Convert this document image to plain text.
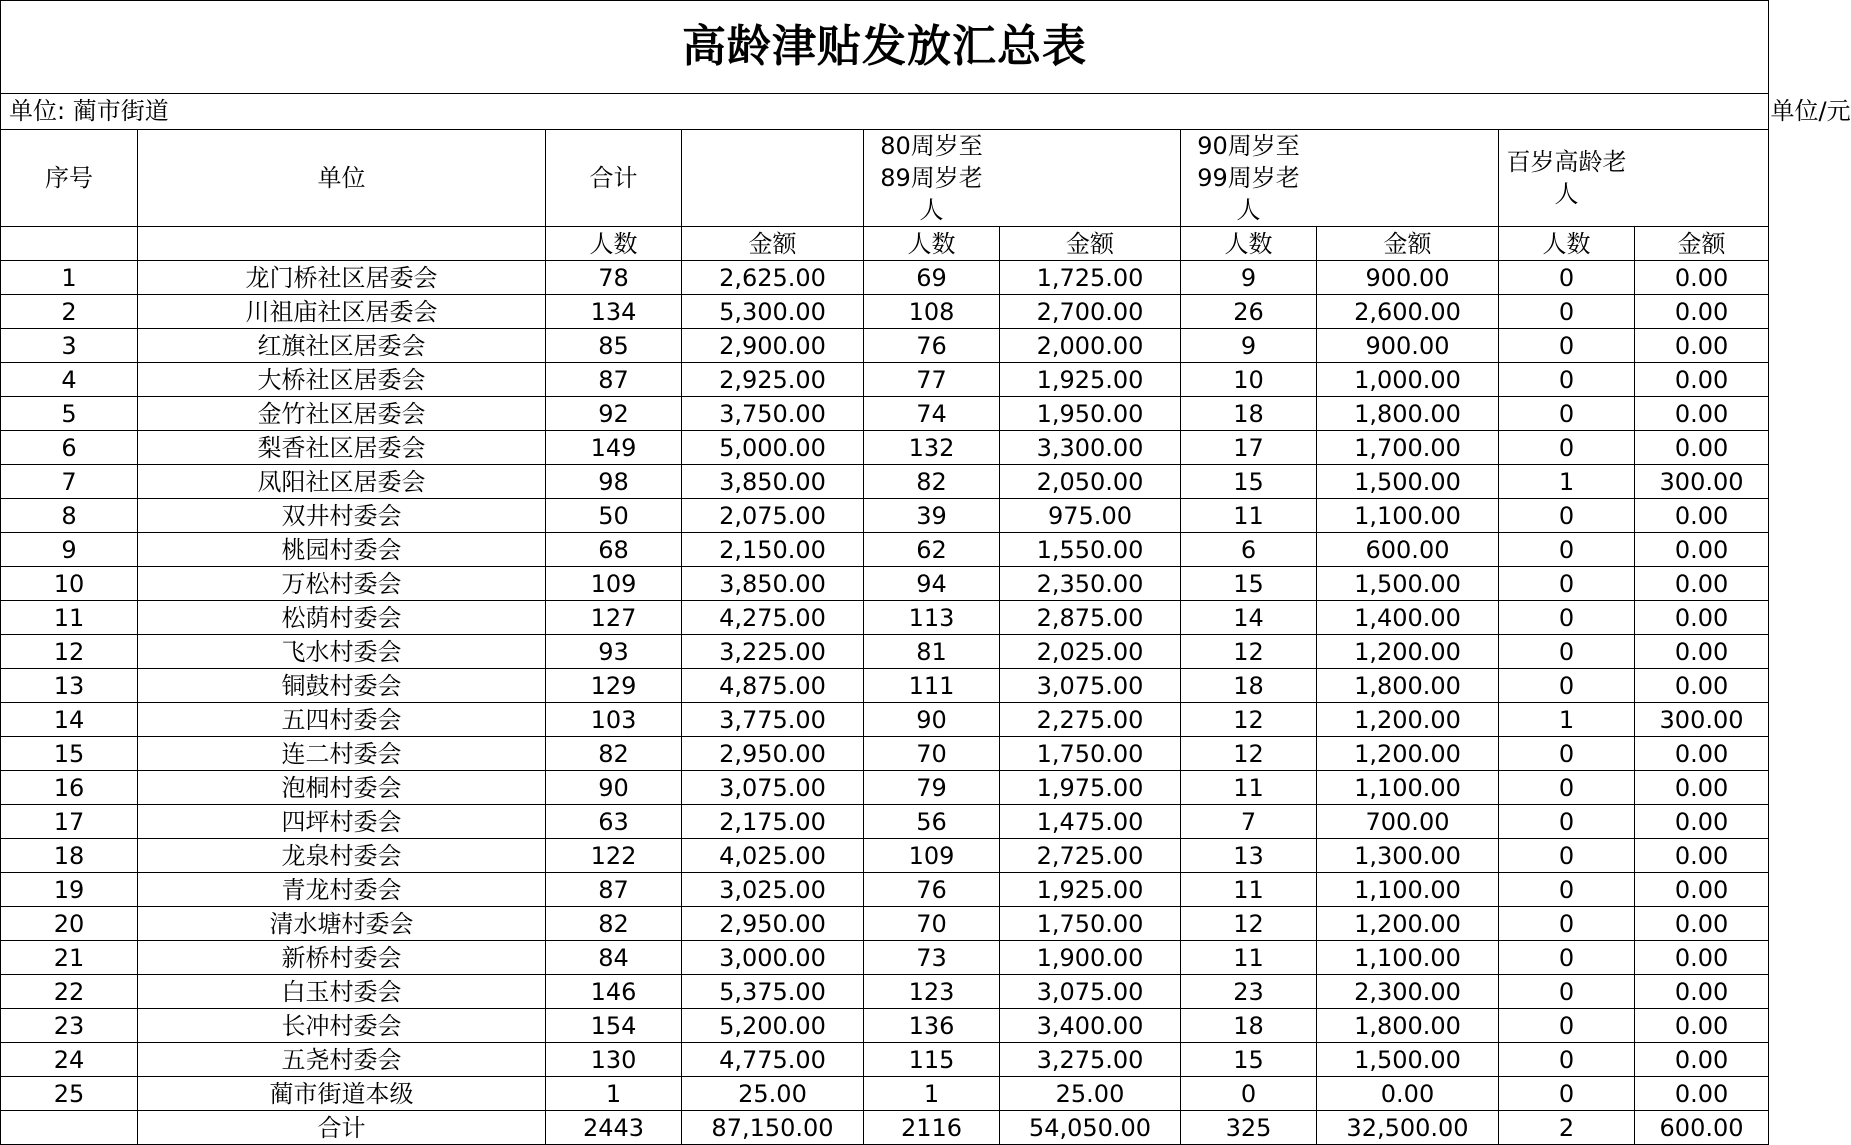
高龄津贴发放汇总表									
单位: 蔺市街道		单位/元							
序号	单位	合计		80周岁至89周岁老人		90周岁至99周岁老人		百岁高龄老人	
		人数	金额	人数	金额	人数	金额	人数	金额
1	龙门桥社区居委会	78	2,625.00	69	1,725.00	9	900.00	0	0.00
2	川祖庙社区居委会	134	5,300.00	108	2,700.00	26	2,600.00	0	0.00
3	红旗社区居委会	85	2,900.00	76	2,000.00	9	900.00	0	0.00
4	大桥社区居委会	87	2,925.00	77	1,925.00	10	1,000.00	0	0.00
5	金竹社区居委会	92	3,750.00	74	1,950.00	18	1,800.00	0	0.00
6	梨香社区居委会	149	5,000.00	132	3,300.00	17	1,700.00	0	0.00
7	凤阳社区居委会	98	3,850.00	82	2,050.00	15	1,500.00	1	300.00
8	双井村委会	50	2,075.00	39	975.00	11	1,100.00	0	0.00
9	桃园村委会	68	2,150.00	62	1,550.00	6	600.00	0	0.00
10	万松村委会	109	3,850.00	94	2,350.00	15	1,500.00	0	0.00
11	松荫村委会	127	4,275.00	113	2,875.00	14	1,400.00	0	0.00
12	飞水村委会	93	3,225.00	81	2,025.00	12	1,200.00	0	0.00
13	铜鼓村委会	129	4,875.00	111	3,075.00	18	1,800.00	0	0.00
14	五四村委会	103	3,775.00	90	2,275.00	12	1,200.00	1	300.00
15	连二村委会	82	2,950.00	70	1,750.00	12	1,200.00	0	0.00
16	泡桐村委会	90	3,075.00	79	1,975.00	11	1,100.00	0	0.00
17	四坪村委会	63	2,175.00	56	1,475.00	7	700.00	0	0.00
18	龙泉村委会	122	4,025.00	109	2,725.00	13	1,300.00	0	0.00
19	青龙村委会	87	3,025.00	76	1,925.00	11	1,100.00	0	0.00
20	清水塘村委会	82	2,950.00	70	1,750.00	12	1,200.00	0	0.00
21	新桥村委会	84	3,000.00	73	1,900.00	11	1,100.00	0	0.00
22	白玉村委会	146	5,375.00	123	3,075.00	23	2,300.00	0	0.00
23	长冲村委会	154	5,200.00	136	3,400.00	18	1,800.00	0	0.00
24	五尧村委会	130	4,775.00	115	3,275.00	15	1,500.00	0	0.00
25	蔺市街道本级	1	25.00	1	25.00	0	0.00	0	0.00
	合计	2443	87,150.00	2116	54,050.00	325	32,500.00	2	600.00
